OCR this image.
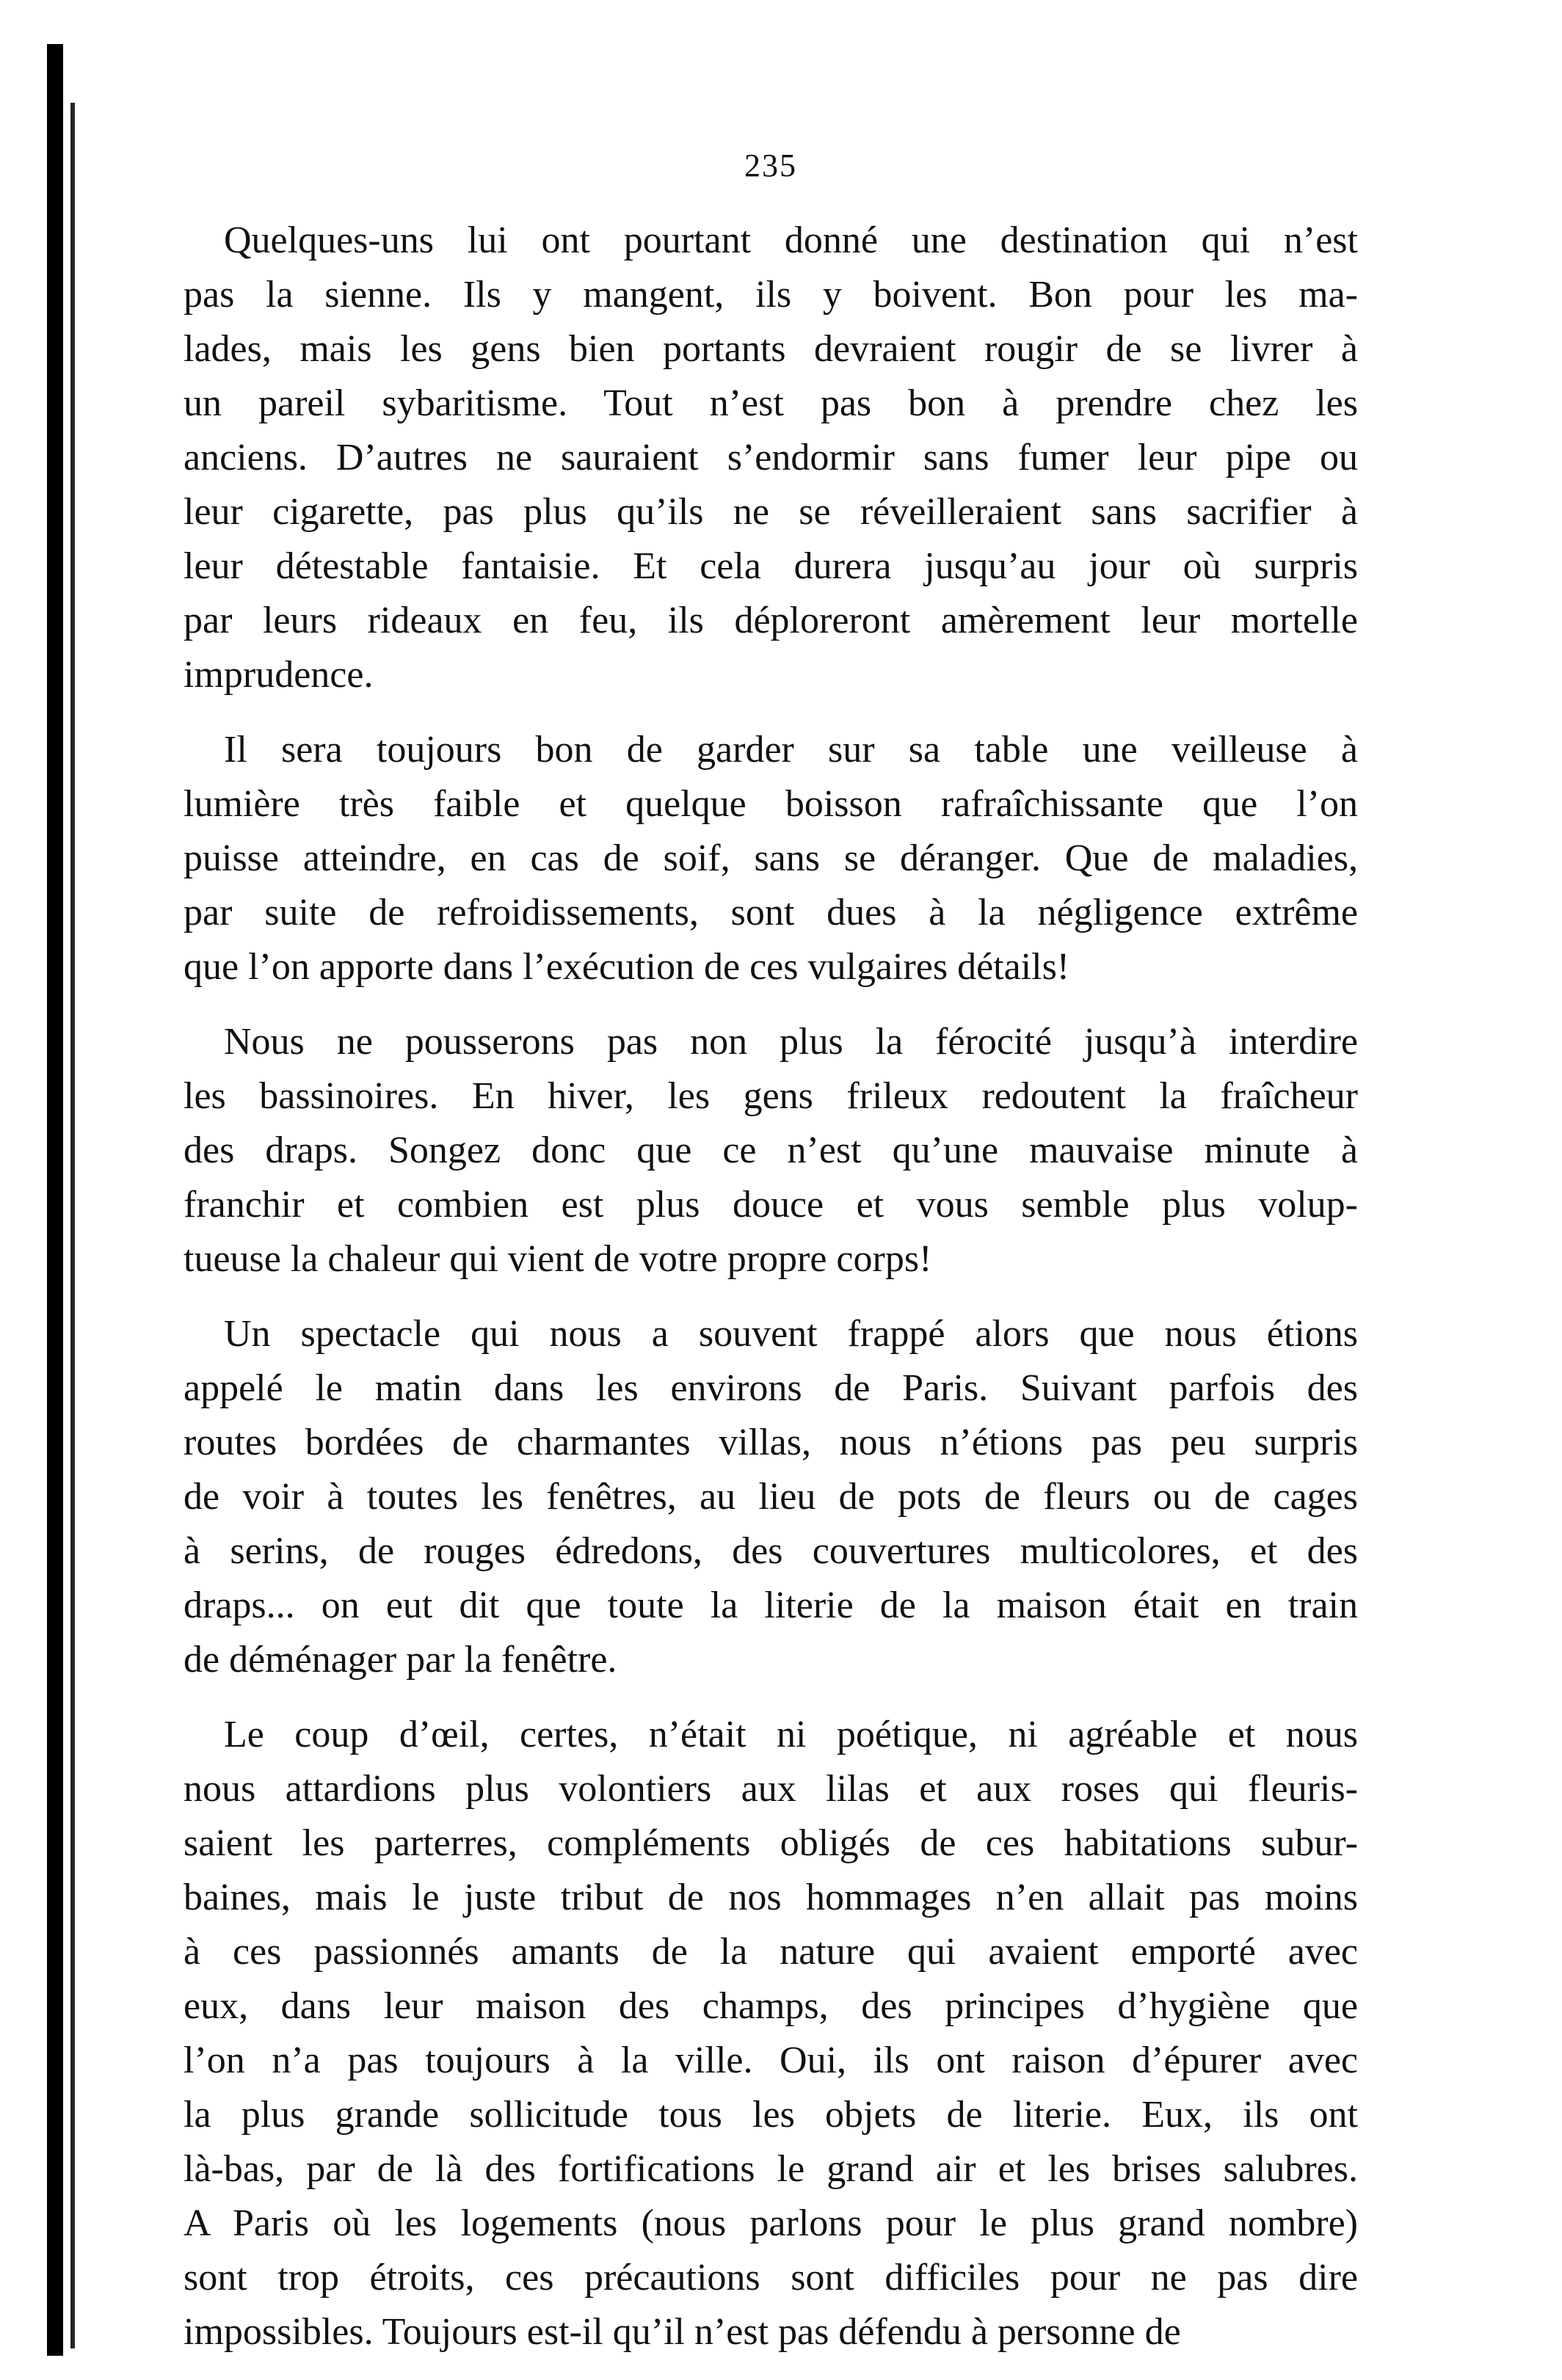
235
Quelques-uns lui ont pourtant donné une destination qui n’est
pas la sienne. Ils y mangent, ils y boivent. Bon pour les ma-
lades, mais les gens bien portants devraient rougir de se livrer à
un pareil sybaritisme. Tout n’est pas bon à prendre chez les
anciens. D’autres ne sauraient s’endormir sans fumer leur pipe ou
leur cigarette, pas plus qu’ils ne se réveilleraient sans sacrifier à
leur détestable fantaisie. Et cela durera jusqu’au jour où surpris
par leurs rideaux en feu, ils déploreront amèrement leur mortelle
imprudence.
Il sera toujours bon de garder sur sa table une veilleuse à
lumière très faible et quelque boisson rafraîchissante que l’on
puisse atteindre, en cas de soif, sans se déranger. Que de maladies,
par suite de refroidissements, sont dues à la négligence extrême
que l’on apporte dans l’exécution de ces vulgaires détails!
Nous ne pousserons pas non plus la férocité jusqu’à interdire
les bassinoires. En hiver, les gens frileux redoutent la fraîcheur
des draps. Songez donc que ce n’est qu’une mauvaise minute à
franchir et combien est plus douce et vous semble plus volup-
tueuse la chaleur qui vient de votre propre corps!
Un spectacle qui nous a souvent frappé alors que nous étions
appelé le matin dans les environs de Paris. Suivant parfois des
routes bordées de charmantes villas, nous n’étions pas peu surpris
de voir à toutes les fenêtres, au lieu de pots de fleurs ou de cages
à serins, de rouges édredons, des couvertures multicolores, et des
draps... on eut dit que toute la literie de la maison était en train
de déménager par la fenêtre.
Le coup d’œil, certes, n’était ni poétique, ni agréable et nous
nous attardions plus volontiers aux lilas et aux roses qui fleuris-
saient les parterres, compléments obligés de ces habitations subur-
baines, mais le juste tribut de nos hommages n’en allait pas moins
à ces passionnés amants de la nature qui avaient emporté avec
eux, dans leur maison des champs, des principes d’hygiène que
l’on n’a pas toujours à la ville. Oui, ils ont raison d’épurer avec
la plus grande sollicitude tous les objets de literie. Eux, ils ont
là-bas, par de là des fortifications le grand air et les brises salubres.
A Paris où les logements (nous parlons pour le plus grand nombre)
sont trop étroits, ces précautions sont difficiles pour ne pas dire
impossibles. Toujours est-il qu’il n’est pas défendu à personne de
